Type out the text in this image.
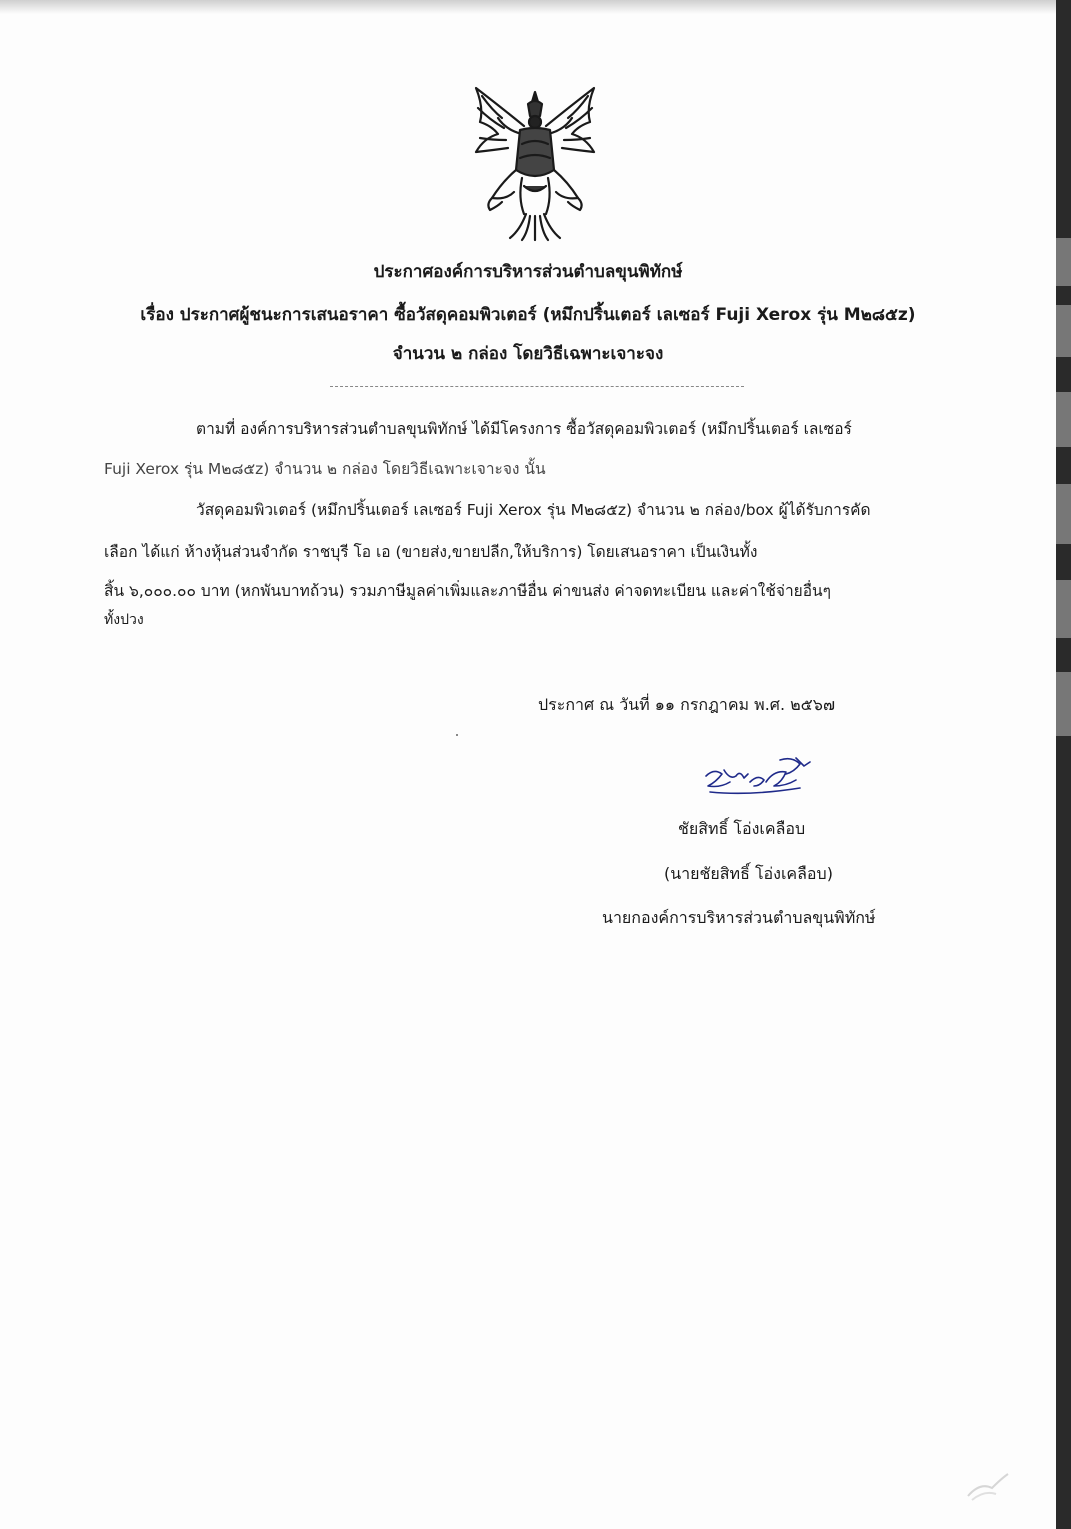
ประกาศองค์การบริหารส่วนตำบลขุนพิทักษ์
เรื่อง ประกาศผู้ชนะการเสนอราคา ซื้อวัสดุคอมพิวเตอร์ (หมึกปริ้นเตอร์ เลเซอร์ Fuji Xerox รุ่น M๒๘๕z)
จำนวน ๒ กล่อง โดยวิธีเฉพาะเจาะจง
ตามที่ องค์การบริหารส่วนตำบลขุนพิทักษ์ ได้มีโครงการ ซื้อวัสดุคอมพิวเตอร์ (หมึกปริ้นเตอร์ เลเซอร์
Fuji Xerox รุ่น M๒๘๕z) จำนวน ๒ กล่อง โดยวิธีเฉพาะเจาะจง นั้น
วัสดุคอมพิวเตอร์ (หมึกปริ้นเตอร์ เลเซอร์ Fuji Xerox รุ่น M๒๘๕z) จำนวน ๒ กล่อง/box ผู้ได้รับการคัด
เลือก ได้แก่ ห้างหุ้นส่วนจำกัด ราชบุรี โอ เอ (ขายส่ง,ขายปลีก,ให้บริการ) โดยเสนอราคา เป็นเงินทั้ง
สิ้น ๖,๐๐๐.๐๐ บาท (หกพันบาทถ้วน) รวมภาษีมูลค่าเพิ่มและภาษีอื่น ค่าขนส่ง ค่าจดทะเบียน และค่าใช้จ่ายอื่นๆ
ทั้งปวง
ประกาศ ณ วันที่ ๑๑ กรกฎาคม พ.ศ. ๒๕๖๗
ชัยสิทธิ์ โอ่งเคลือบ
(นายชัยสิทธิ์ โอ่งเคลือบ)
นายกองค์การบริหารส่วนตำบลขุนพิทักษ์
